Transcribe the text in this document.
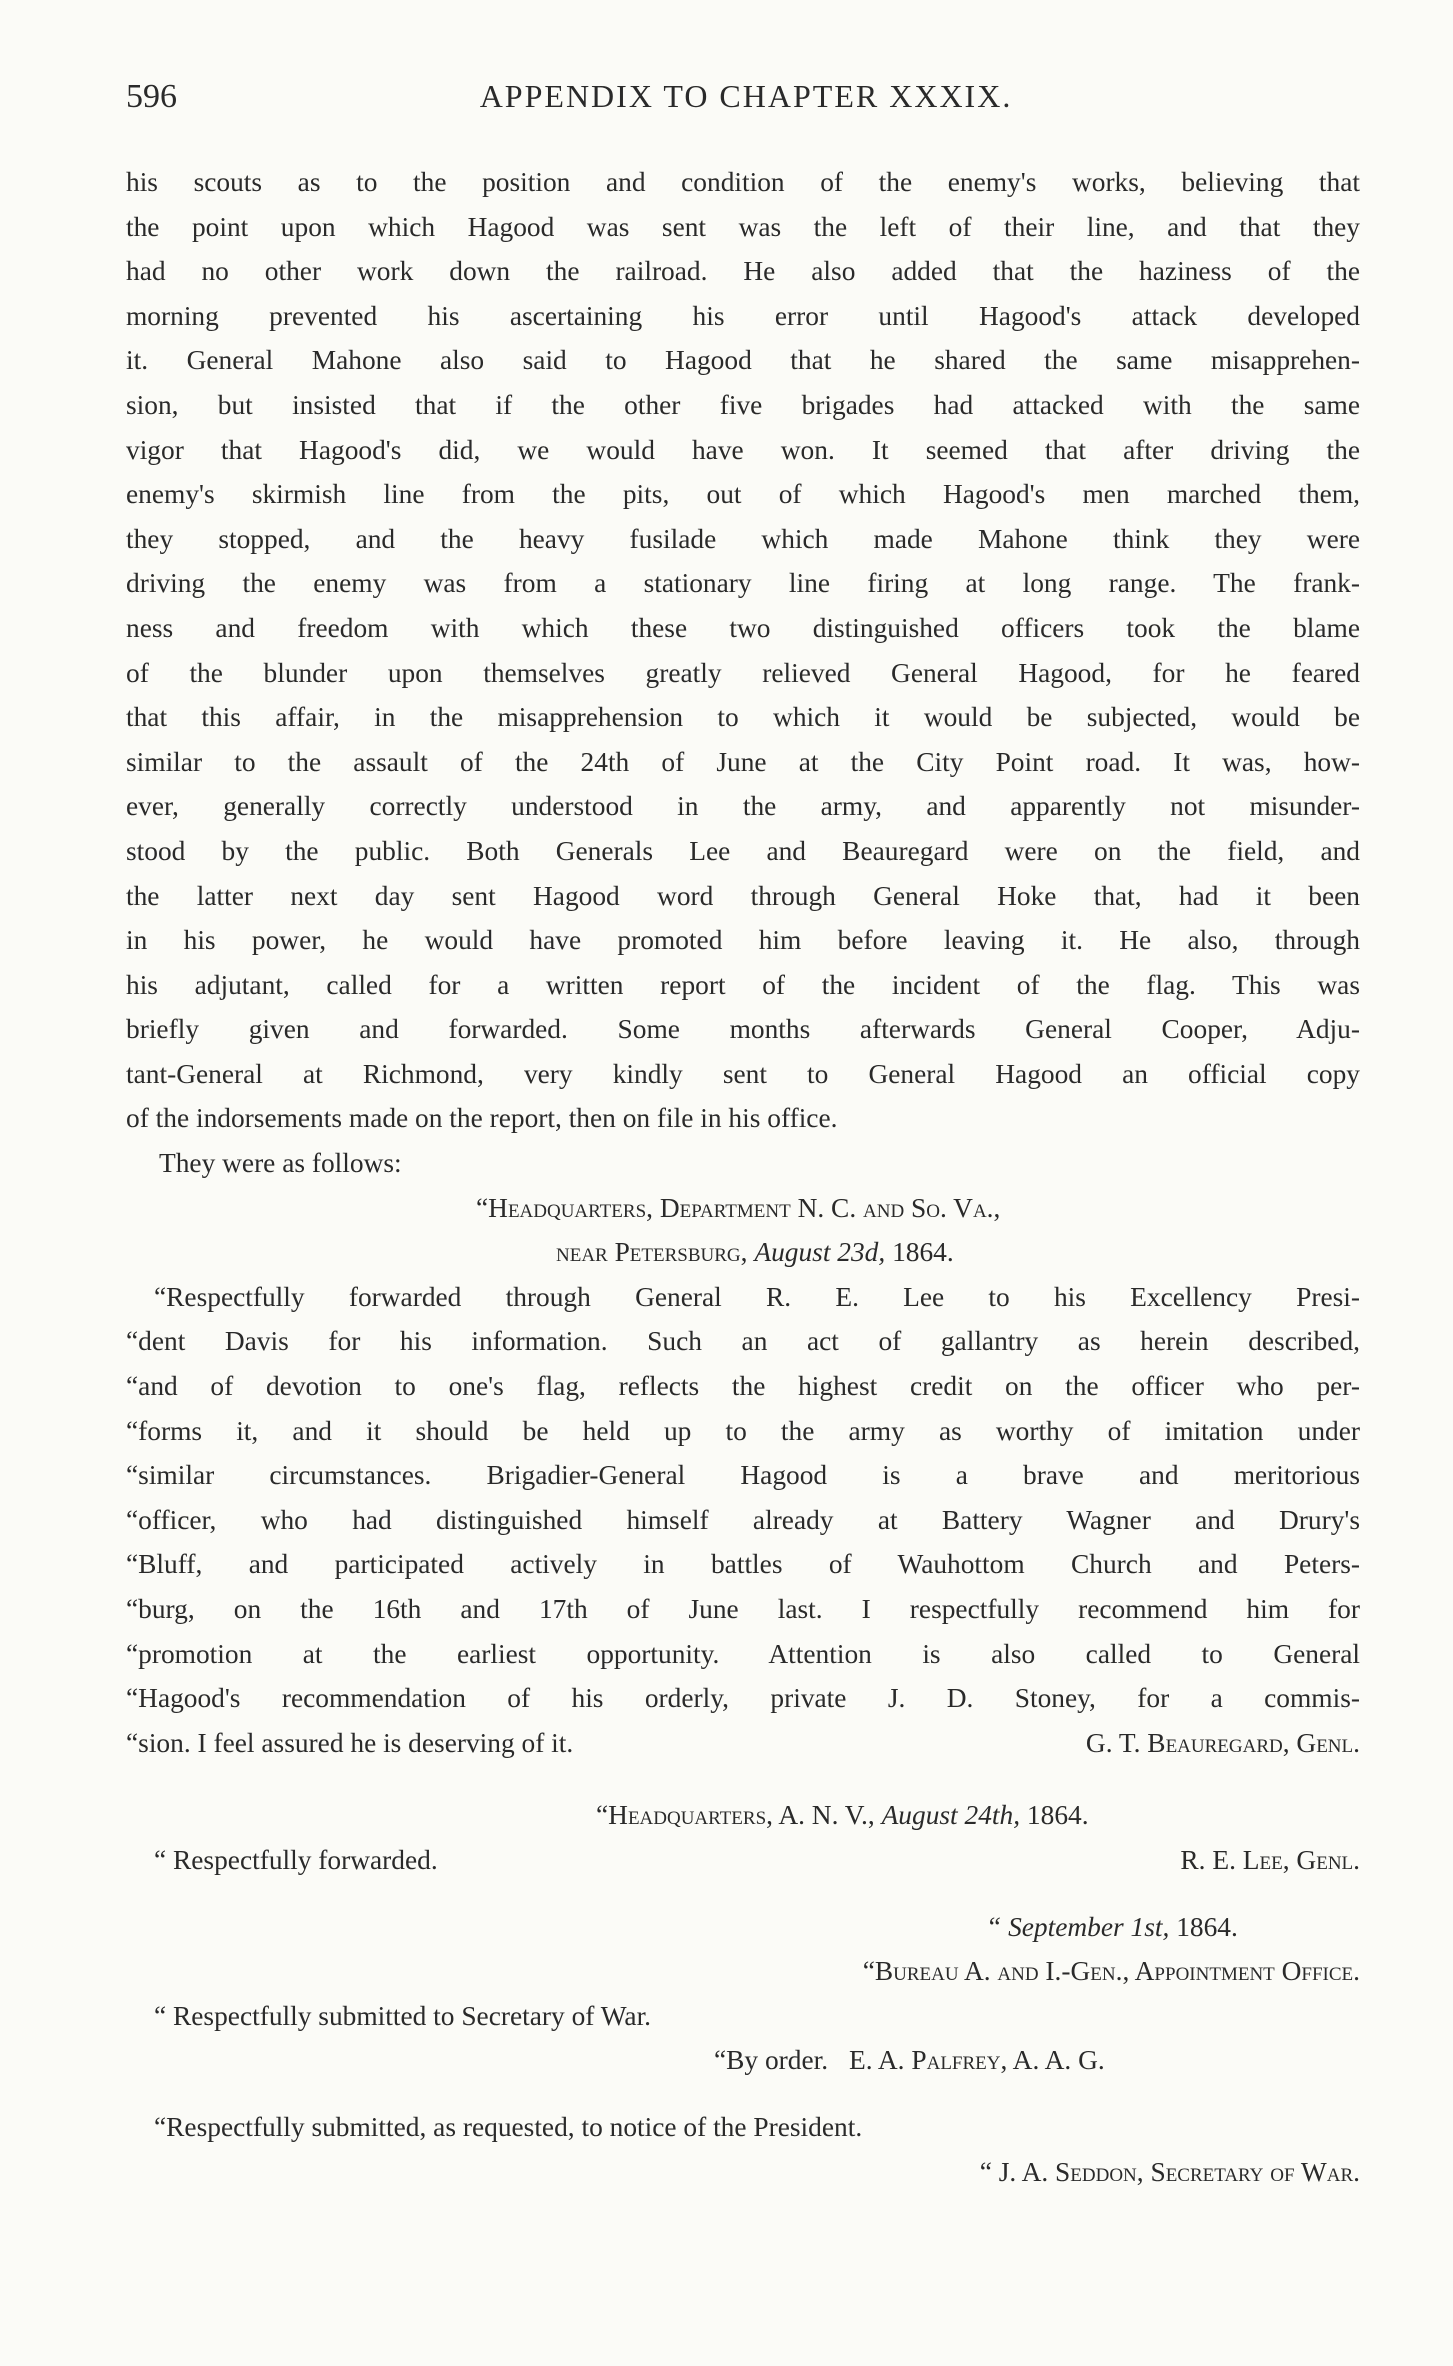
596	APPENDIX TO CHAPTER XXXIX.

his scouts as to the position and condition of the enemy's works, believing that
the point upon which Hagood was sent was the left of their line, and that they
had no other work down the railroad. He also added that the haziness of the
morning prevented his ascertaining his error until Hagood's attack developed
it. General Mahone also said to Hagood that he shared the same misapprehen-
sion, but insisted that if the other five brigades had attacked with the same
vigor that Hagood's did, we would have won. It seemed that after driving the
enemy's skirmish line from the pits, out of which Hagood's men marched them,
they stopped, and the heavy fusilade which made Mahone think they were
driving the enemy was from a stationary line firing at long range. The frank-
ness and freedom with which these two distinguished officers took the blame
of the blunder upon themselves greatly relieved General Hagood, for he feared
that this affair, in the misapprehension to which it would be subjected, would be
similar to the assault of the 24th of June at the City Point road. It was, how-
ever, generally correctly understood in the army, and apparently not misunder-
stood by the public. Both Generals Lee and Beauregard were on the field, and
the latter next day sent Hagood word through General Hoke that, had it been
in his power, he would have promoted him before leaving it. He also, through
his adjutant, called for a written report of the incident of the flag. This was
briefly given and forwarded. Some months afterwards General Cooper, Adju-
tant-General at Richmond, very kindly sent to General Hagood an official copy
of the indorsements made on the report, then on file in his office.

They were as follows:

“Headquarters, Department N. C. and So. Va.,
near Petersburg, August 23d, 1864.
“Respectfully forwarded through General R. E. Lee to his Excellency Presi-
“dent Davis for his information. Such an act of gallantry as herein described,
“and of devotion to one's flag, reflects the highest credit on the officer who per-
“forms it, and it should be held up to the army as worthy of imitation under
“similar circumstances. Brigadier-General Hagood is a brave and meritorious
“officer, who had distinguished himself already at Battery Wagner and Drury's
“Bluff, and participated actively in battles of Wauhottom Church and Peters-
“burg, on the 16th and 17th of June last. I respectfully recommend him for
“promotion at the earliest opportunity. Attention is also called to General
“Hagood's recommendation of his orderly, private J. D. Stoney, for a commis-
“sion. I feel assured he is deserving of it.	G. T. Beauregard, Genl.
“Headquarters, A. N. V., August 24th, 1864.
“ Respectfully forwarded.	R. E. Lee, Genl.
“ September 1st, 1864.
“Bureau A. and I.-Gen., Appointment Office.
“ Respectfully submitted to Secretary of War.
“By order. E. A. Palfrey, A. A. G.
“Respectfully submitted, as requested, to notice of the President.
“ J. A. Seddon, Secretary of War.
